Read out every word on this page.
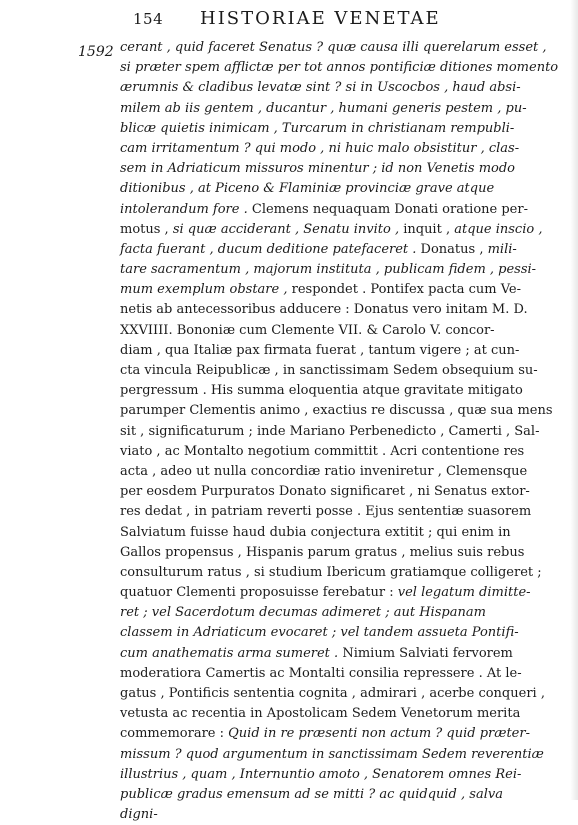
154 HISTORIAE VENETAE
1592 cerant , quid faceret Senatus ? quæ causa illi querelarum esset ,
si præter spem afflictæ per tot annos pontificiæ ditiones momento
ærumnis & cladibus levatæ sint ? si in Uscocbos , haud absi-
milem ab iis gentem , ducantur , humani generis pestem , pu-
blicæ quietis inimicam , Turcarum in christianam rempubli-
cam irritamentum ? qui modo , ni huic malo obsistitur , clas-
sem in Adriaticum missuros minentur ; id non Venetis modo
ditionibus , at Piceno & Flaminiæ provinciæ grave atque
intolerandum fore . Clemens nequaquam Donati oratione per-
motus , si quæ acciderant , Senatu invito , inquit , atque inscio ,
facta fuerant , ducum deditione patefaceret . Donatus , mili-
tare sacramentum , majorum instituta , publicam fidem , pessi-
mum exemplum obstare , respondet . Pontifex pacta cum Ve-
netis ab antecessoribus adducere : Donatus vero initam M. D.
XXVIIII. Bononiæ cum Clemente VII. & Carolo V. concor-
diam , qua Italiæ pax firmata fuerat , tantum vigere ; at cun-
cta vincula Reipublicæ , in sanctissimam Sedem obsequium su-
pergressum . His summa eloquentia atque gravitate mitigato
parumper Clementis animo , exactius re discussa , quæ sua mens
sit , significaturum ; inde Mariano Perbenedicto , Camerti , Sal-
viato , ac Montalto negotium committit . Acri contentione res
acta , adeo ut nulla concordiæ ratio inveniretur , Clemensque
per eosdem Purpuratos Donato significaret , ni Senatus extor-
res dedat , in patriam reverti posse . Ejus sententiæ suasorem
Salviatum fuisse haud dubia conjectura extitit ; qui enim in
Gallos propensus , Hispanis parum gratus , melius suis rebus
consulturum ratus , si studium Ibericum gratiamque colligeret ;
quatuor Clementi proposuisse ferebatur : vel legatum dimitte-
ret ; vel Sacerdotum decumas adimeret ; aut Hispanam
classem in Adriaticum evocaret ; vel tandem assueta Pontifi-
cum anathematis arma sumeret . Nimium Salviati fervorem
moderatiora Camertis ac Montalti consilia repressere . At le-
gatus , Pontificis sententia cognita , admirari , acerbe conqueri ,
vetusta ac recentia in Apostolicam Sedem Venetorum merita
commemorare : Quid in re præsenti non actum ? quid præter-
missum ? quod argumentum in sanctissimam Sedem reverentiæ
illustrius , quam , Internuntio amoto , Senatorem omnes Rei-
publicæ gradus emensum ad se mitti ? ac quidquid , salva
digni-
